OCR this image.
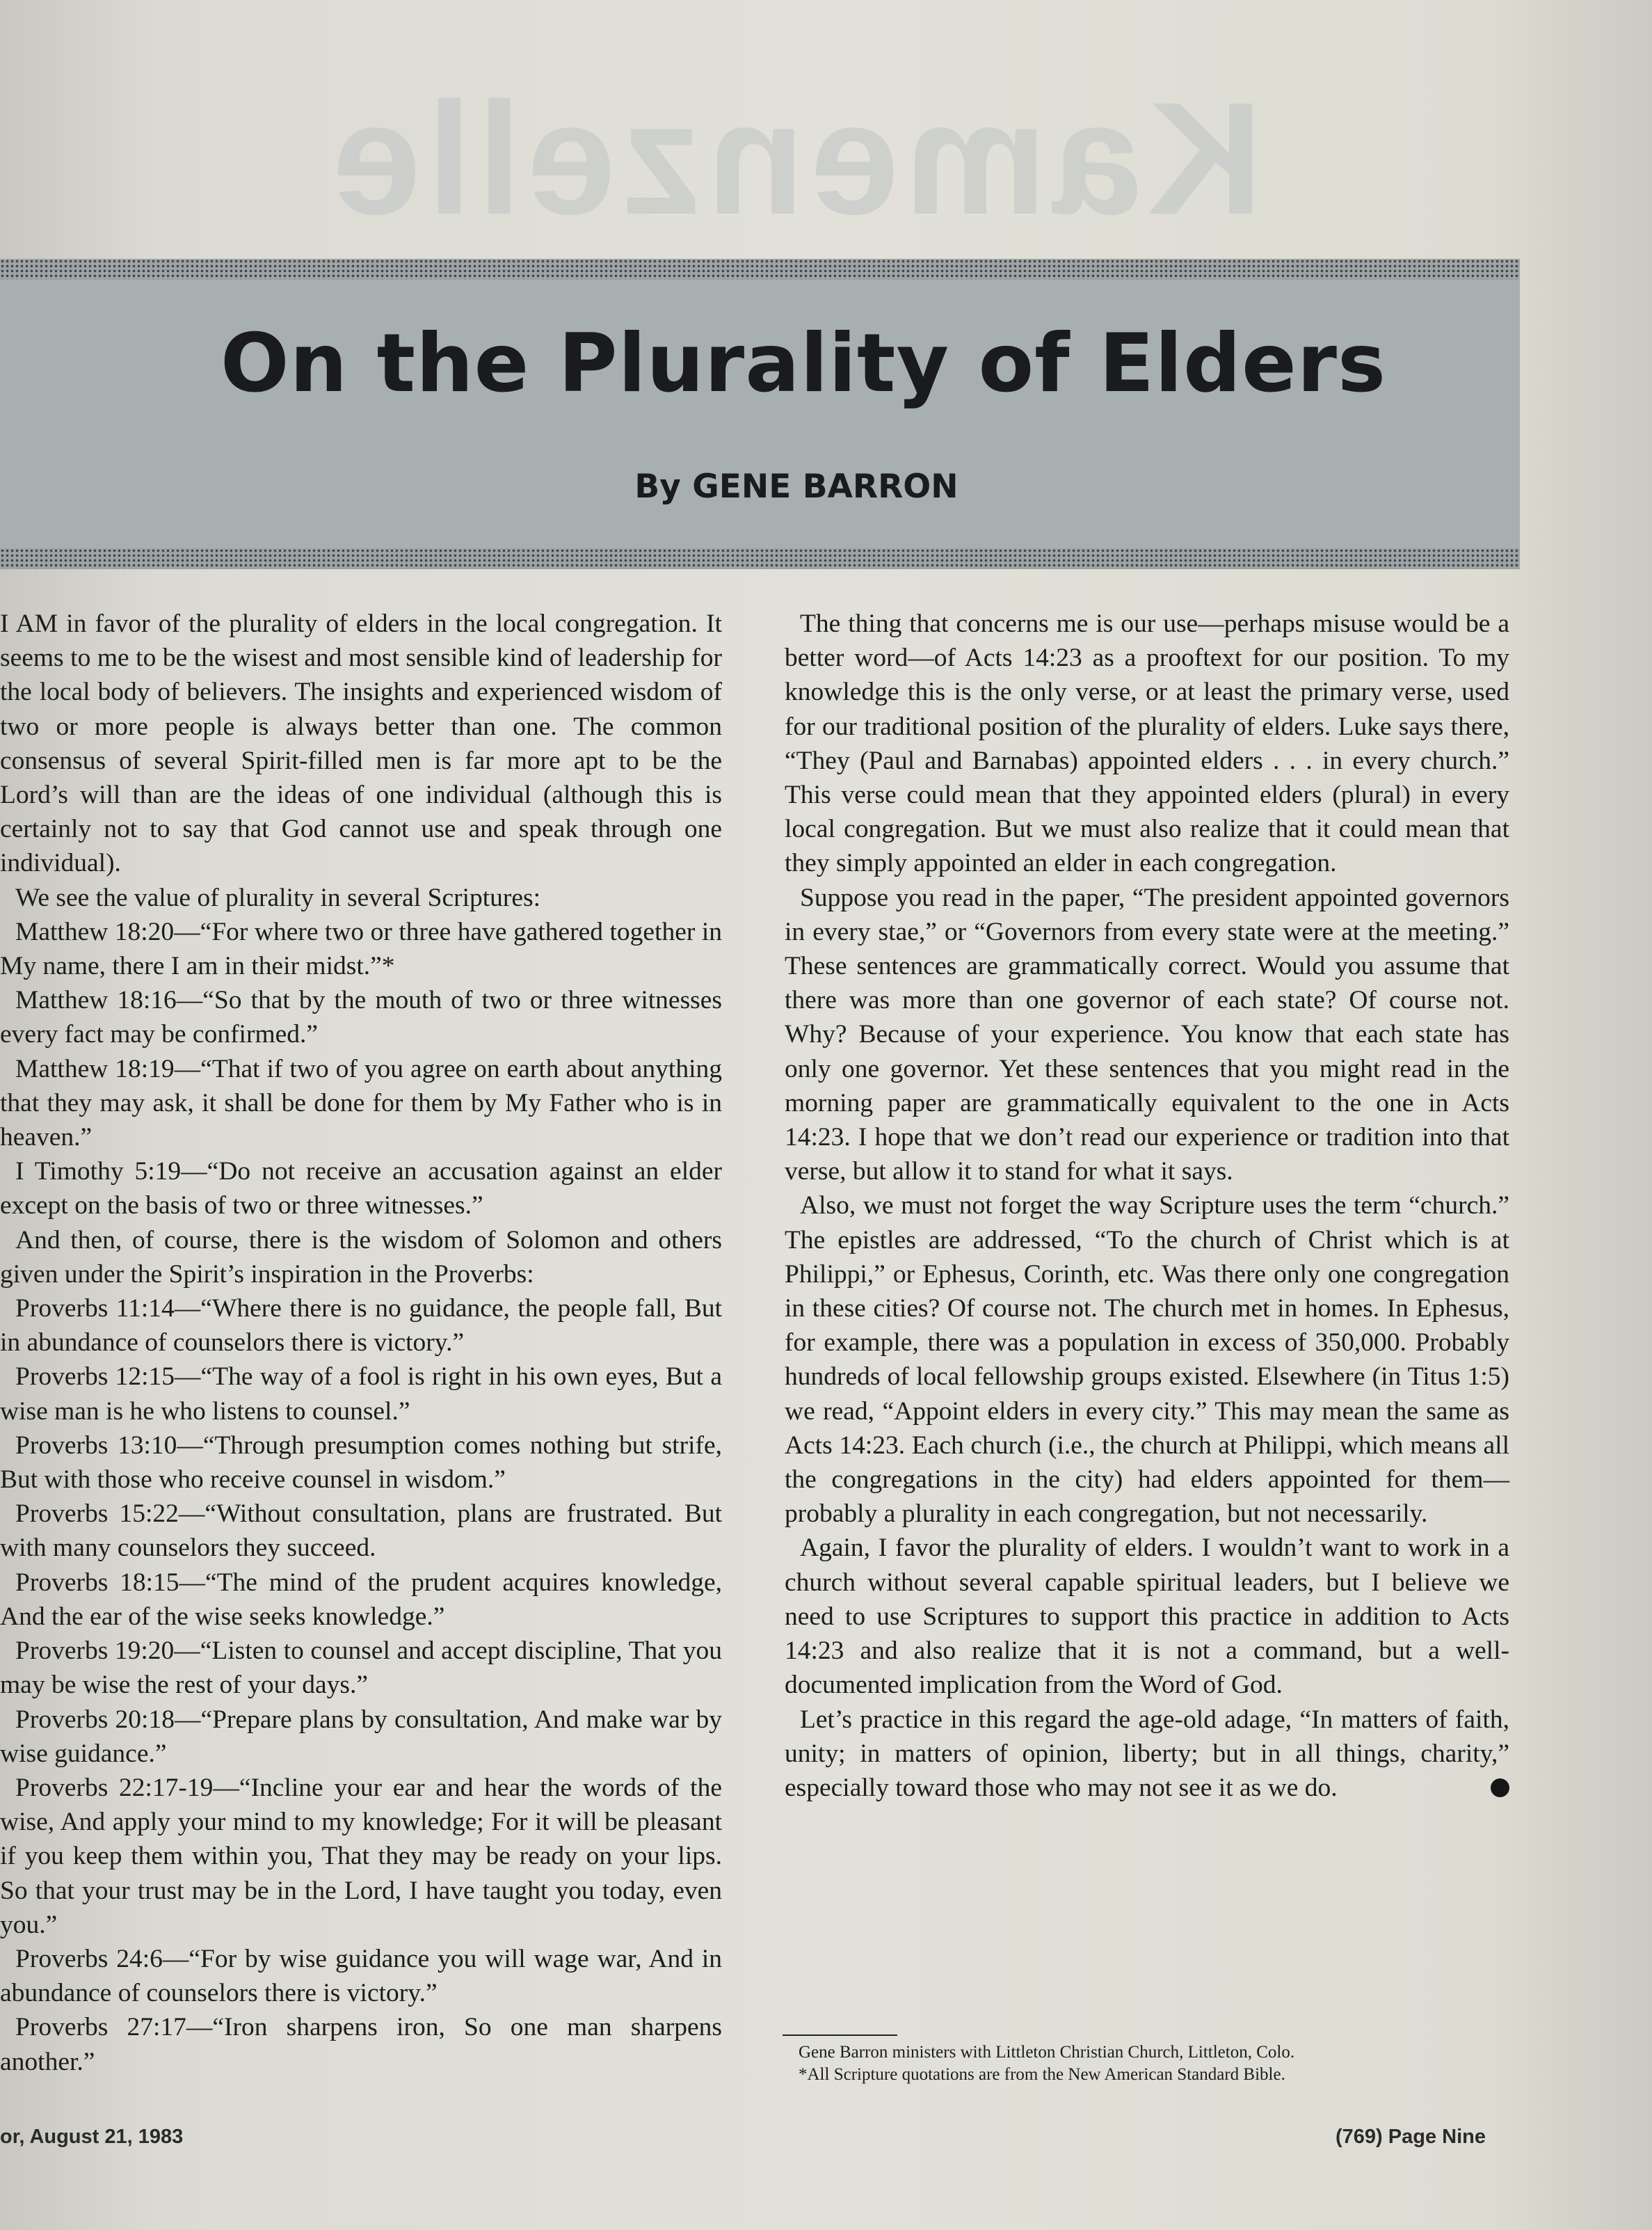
Kamenzelle
On the Plurality of Elders
By GENE BARRON

I AM in favor of the plurality of elders in the local congregation. It seems to me to be the wisest and most sensible kind of leadership for the local body of believers. The insights and experienced wisdom of two or more people is always better than one. The common consensus of several Spirit-filled men is far more apt to be the Lord’s will than are the ideas of one individual (although this is certainly not to say that God cannot use and speak through one individual).

We see the value of plurality in several Scriptures:

Matthew 18:20—“For where two or three have gathered together in My name, there I am in their midst.”*

Matthew 18:16—“So that by the mouth of two or three witnesses every fact may be confirmed.”

Matthew 18:19—“That if two of you agree on earth about anything that they may ask, it shall be done for them by My Father who is in heaven.”

I Timothy 5:19—“Do not receive an accusation against an elder except on the basis of two or three witnesses.”

And then, of course, there is the wisdom of Solomon and others given under the Spirit’s inspiration in the Proverbs:

Proverbs 11:14—“Where there is no guidance, the people fall, But in abundance of counselors there is victory.”

Proverbs 12:15—“The way of a fool is right in his own eyes, But a wise man is he who listens to counsel.”

Proverbs 13:10—“Through presumption comes nothing but strife, But with those who receive counsel in wisdom.”

Proverbs 15:22—“Without consultation, plans are frustrated. But with many counselors they succeed.

Proverbs 18:15—“The mind of the prudent acquires knowledge, And the ear of the wise seeks knowledge.”

Proverbs 19:20—“Listen to counsel and accept discipline, That you may be wise the rest of your days.”

Proverbs 20:18—“Prepare plans by consultation, And make war by wise guidance.”

Proverbs 22:17-19—“Incline your ear and hear the words of the wise, And apply your mind to my knowledge; For it will be pleasant if you keep them within you, That they may be ready on your lips. So that your trust may be in the Lord, I have taught you today, even you.”

Proverbs 24:6—“For by wise guidance you will wage war, And in abundance of counselors there is victory.”

Proverbs 27:17—“Iron sharpens iron, So one man sharpens another.”

The thing that concerns me is our use—perhaps misuse would be a better word—of Acts 14:23 as a prooftext for our position. To my knowledge this is the only verse, or at least the primary verse, used for our traditional position of the plurality of elders. Luke says there, “They (Paul and Barnabas) appointed elders . . . in every church.” This verse could mean that they appointed elders (plural) in every local congregation. But we must also realize that it could mean that they simply appointed an elder in each congregation.

Suppose you read in the paper, “The president appointed governors in every stae,” or “Governors from every state were at the meeting.” These sentences are grammatically correct. Would you assume that there was more than one governor of each state? Of course not. Why? Because of your experience. You know that each state has only one governor. Yet these sentences that you might read in the morning paper are grammatically equivalent to the one in Acts 14:23. I hope that we don’t read our experience or tradition into that verse, but allow it to stand for what it says.

Also, we must not forget the way Scripture uses the term “church.” The epistles are addressed, “To the church of Christ which is at Philippi,” or Ephesus, Corinth, etc. Was there only one congregation in these cities? Of course not. The church met in homes. In Ephesus, for example, there was a population in excess of 350,000. Probably hundreds of local fellowship groups existed. Elsewhere (in Titus 1:5) we read, “Appoint elders in every city.” This may mean the same as Acts 14:23. Each church (i.e., the church at Philippi, which means all the congregations in the city) had elders appointed for them—probably a plurality in each congregation, but not necessarily.

Again, I favor the plurality of elders. I wouldn’t want to work in a church without several capable spiritual leaders, but I believe we need to use Scriptures to support this practice in addition to Acts 14:23 and also realize that it is not a command, but a well-documented implication from the Word of God.

Let’s practice in this regard the age-old adage, “In matters of faith, unity; in matters of opinion, liberty; but in all things, charity,” especially toward those who may not see it as we do.

Gene Barron ministers with Littleton Christian Church, Littleton, Colo.

*All Scripture quotations are from the New American Standard Bible.

or, August 21, 1983	(769) Page Nine
